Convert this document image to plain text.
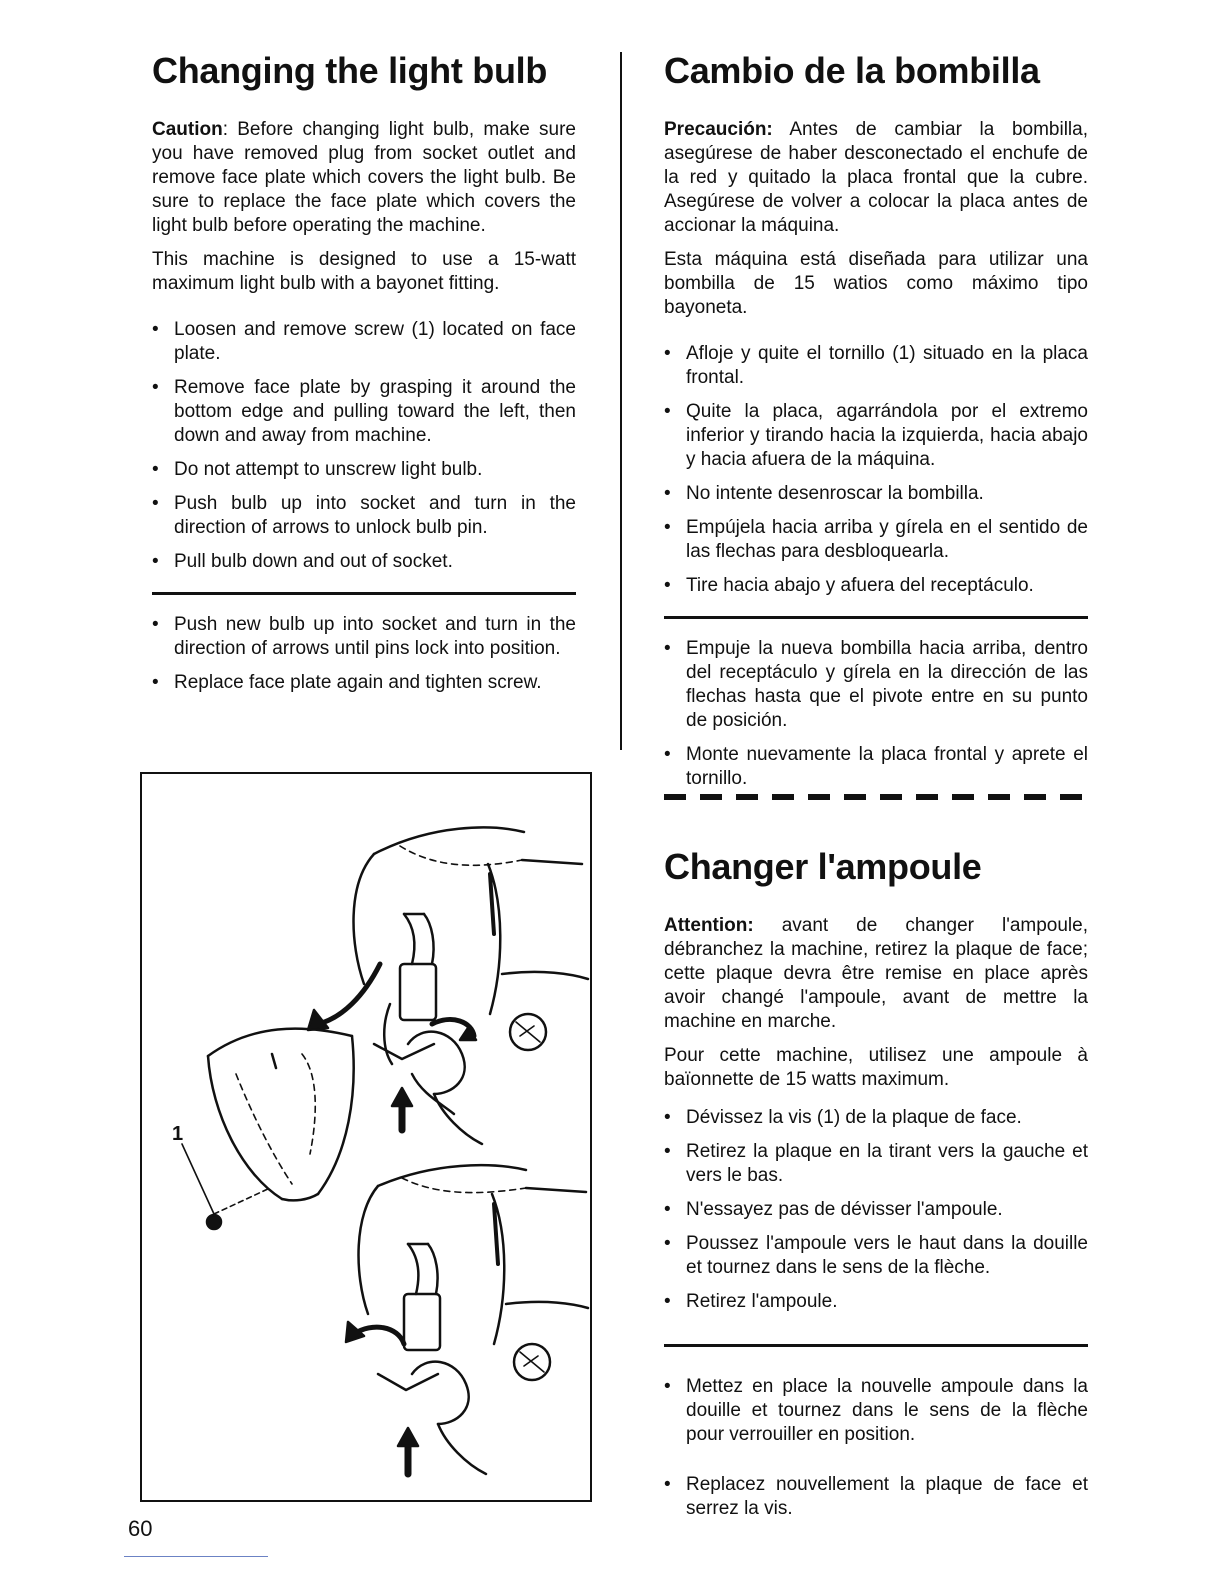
Changing the light bulb

Caution: Before changing light bulb, make sure you have removed plug from socket outlet and remove face plate which covers the light bulb. Be sure to replace the face plate which covers the light bulb before operating the machine.

This machine is designed to use a 15-watt maximum light bulb with a bayonet fitting.

• Loosen and remove screw (1) located on face plate.
• Remove face plate by grasping it around the bottom edge and pulling toward the left, then down and away from machine.
• Do not attempt to unscrew light bulb.
• Push bulb up into socket and turn in the direction of arrows to unlock bulb pin.
• Pull bulb down and out of socket.
• Push new bulb up into socket and turn in the direction of arrows until pins lock into position.
• Replace face plate again and tighten screw.
Cambio de la bombilla

Precaución: Antes de cambiar la bombilla, asegúrese de haber desconectado el enchufe de la red y quitado la placa frontal que la cubre. Asegúrese de volver a colocar la placa antes de accionar la máquina.

Esta máquina está diseñada para utilizar una bombilla de 15 watios como máximo tipo bayoneta.

• Afloje y quite el tornillo (1) situado en la placa frontal.
• Quite la placa, agarrándola por el extremo inferior y tirando hacia la izquierda, hacia abajo y hacia afuera de la máquina.
• No intente desenroscar la bombilla.
• Empújela hacia arriba y gírela en el sentido de las flechas para desbloquearla.
• Tire hacia abajo y afuera del receptáculo.
• Empuje la nueva bombilla hacia arriba, dentro del receptáculo y gírela en la dirección de las flechas hasta que el pivote entre en su punto de posición.
• Monte nuevamente la placa frontal y aprete el tornillo.
Changer l'ampoule

Attention: avant de changer l'ampoule, débranchez la machine, retirez la plaque de face; cette plaque devra être remise en place après avoir changé l'ampoule, avant de mettre la machine en marche.

Pour cette machine, utilisez une ampoule à baïonnette de 15 watts maximum.

• Dévissez la vis (1) de la plaque de face.
• Retirez la plaque en la tirant vers la gauche et vers le bas.
• N'essayez pas de dévisser l'ampoule.
• Poussez l'ampoule vers le haut dans la douille et tournez dans le sens de la flèche.
• Retirez l'ampoule.
• Mettez en place la nouvelle ampoule dans la douille et tournez dans le sens de la flèche pour verrouiller en position.
• Replacez nouvellement la plaque de face et serrez la vis.
1
60
